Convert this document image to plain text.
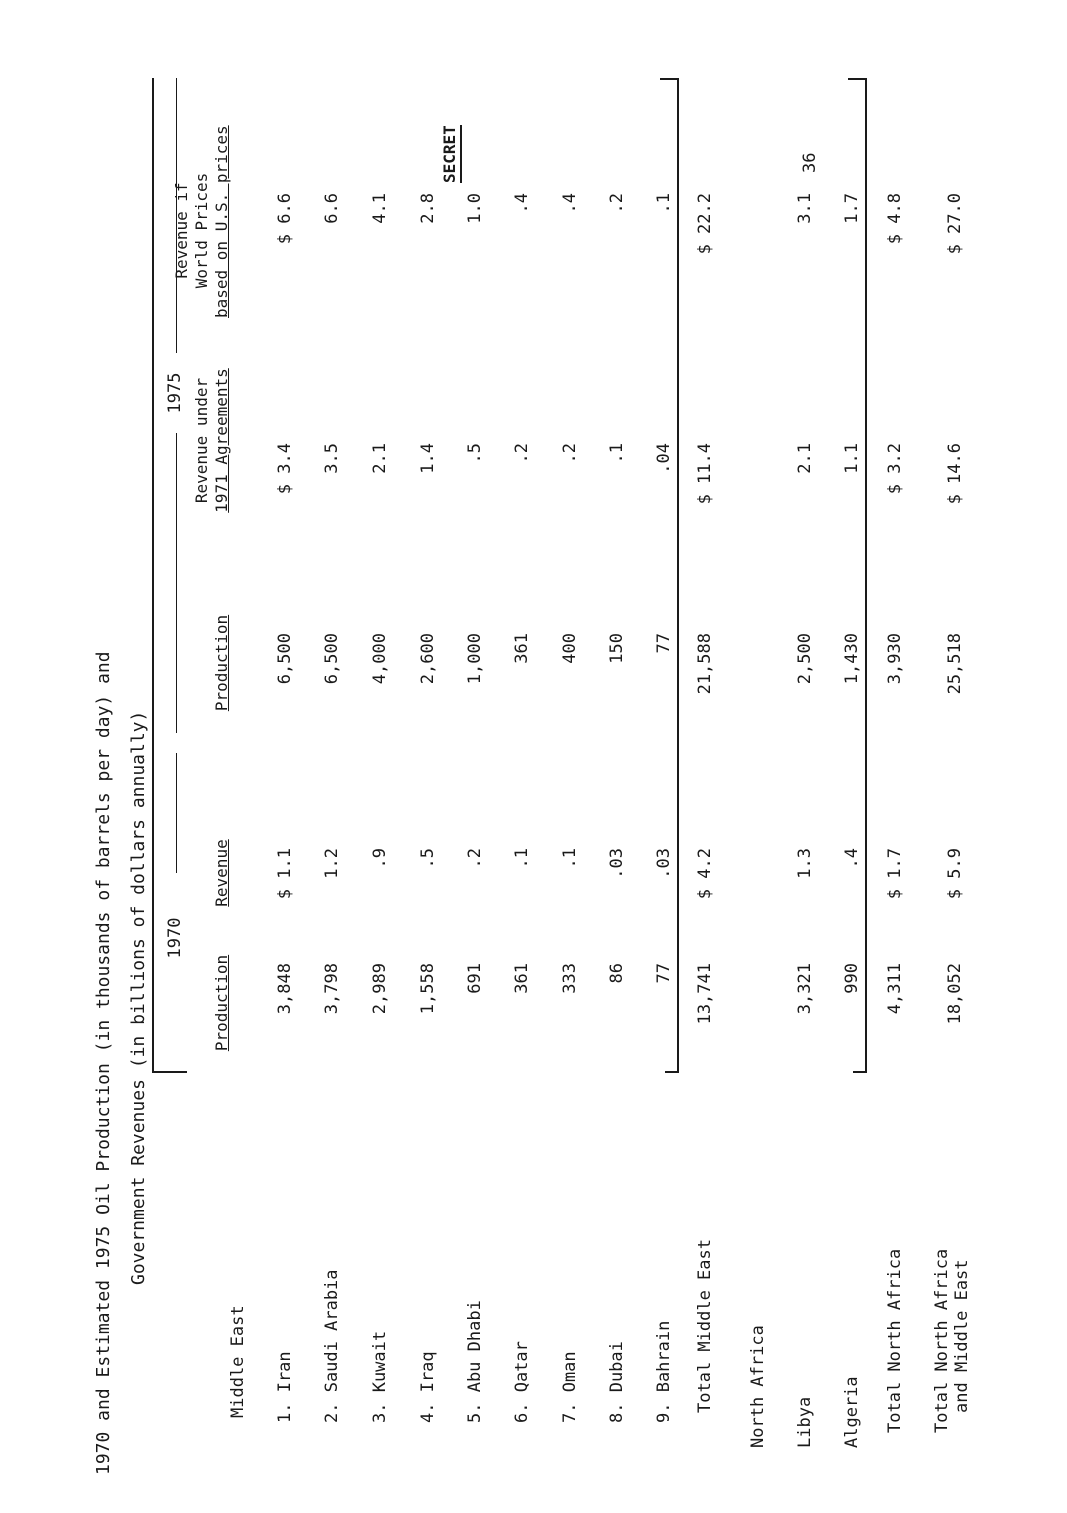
1970 and Estimated 1975 Oil Production (in thousands of barrels per day) and Government Revenues (in billions of dollars annually)
SECRET	36
1970
1975
Revenue if World Prices based on U.S. prices
Revenue under 1971 Agreements
Production
Revenue
Production
Middle East 1. Iran
3,848
$ 1.1
6,500
$ 3.4
$ 6.6
2. Saudi Arabia
3,798
1.2
6,500
3.5
6.6
3. Kuwait
2,989
.9
4,000
2.1
4.1
4. Iraq
1,558
.5
2,600
1.4
2.8
5. Abu Dhabi
691
.2
1,000
.5
1.0
6. Qatar
361
.1
361
.2
.4
7. Oman
333
.1
400
.2
.4
8. Dubai
86
.03
150
.1
.2
9. Bahrain
77
.03
77
.04
.1
Total Middle East
13,741
$ 4.2
21,588
$ 11.4
$ 22.2
North Africa Libya
3,321
1.3
2,500
2.1
3.1
Algeria
990
.4
1,430
1.1
1.7
Total North Africa
4,311
$ 1.7
3,930
$ 3.2
$ 4.8
Total North Africa and Middle East
18,052
$ 5.9
25,518
$ 14.6
$ 27.0
